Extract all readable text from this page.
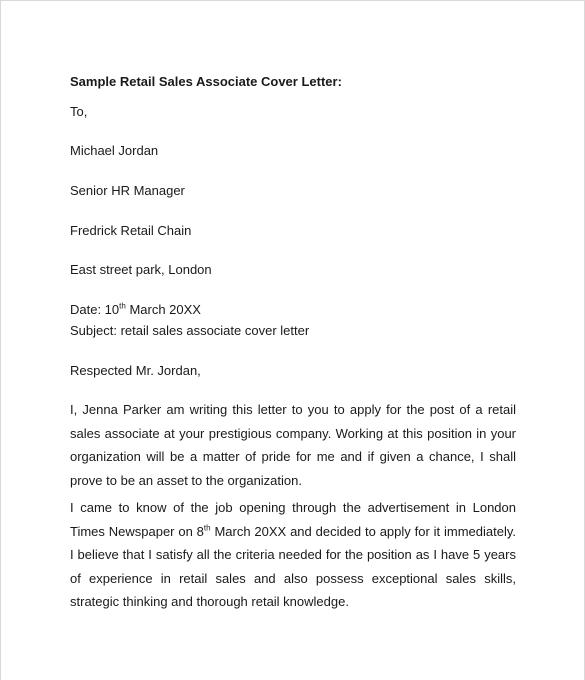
Sample Retail Sales Associate Cover Letter:
To,
Michael Jordan
Senior HR Manager
Fredrick Retail Chain
East street park, London
Date: 10th March 20XX
Subject: retail sales associate cover letter
Respected Mr. Jordan,

I, Jenna Parker am writing this letter to you to apply for the post of a retail sales associate at your prestigious company. Working at this position in your organization will be a matter of pride for me and if given a chance, I shall prove to be an asset to the organization.

I came to know of the job opening through the advertisement in London Times Newspaper on 8th March 20XX and decided to apply for it immediately. I believe that I satisfy all the criteria needed for the position as I have 5 years of experience in retail sales and also possess exceptional sales skills, strategic thinking and thorough retail knowledge.
